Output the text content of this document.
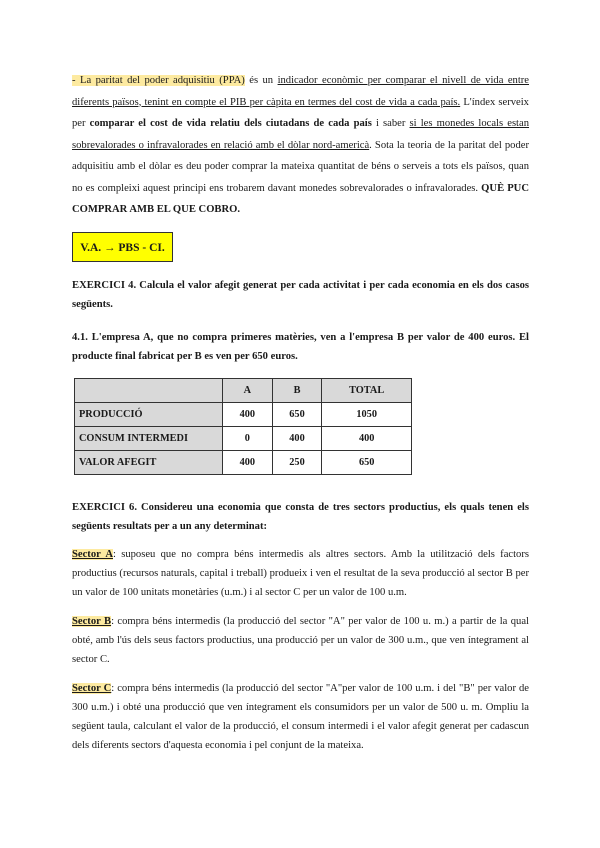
- La paritat del poder adquisitiu (PPA) és un indicador econòmic per comparar el nivell de vida entre diferents països, tenint en compte el PIB per càpita en termes del cost de vida a cada país. L'índex serveix per comparar el cost de vida relatiu dels ciutadans de cada país i saber si les monedes locals estan sobrevalorades o infravalorades en relació amb el dòlar nord-americà. Sota la teoria de la paritat del poder adquisitiu amb el dòlar es deu poder comprar la mateixa quantitat de béns o serveis a tots els països, quan no es compleixi aquest principi ens trobarem davant monedes sobrevalorades o infravalorades. QUÈ PUC COMPRAR AMB EL QUE COBRO.

V.A. → PBS - CI.

EXERCICI 4. Calcula el valor afegit generat per cada activitat i per cada economia en els dos casos següents.

4.1. L'empresa A, que no compra primeres matèries, ven a l'empresa B per valor de 400 euros. El producte final fabricat per B es ven per 650 euros.

	A	B	TOTAL
PRODUCCIÓ	400	650	1050
CONSUM INTERMEDI	0	400	400
VALOR AFEGIT	400	250	650

EXERCICI 6. Considereu una economia que consta de tres sectors productius, els quals tenen els següents resultats per a un any determinat:

Sector A: suposeu que no compra béns intermedis als altres sectors. Amb la utilització dels factors productius (recursos naturals, capital i treball) produeix i ven el resultat de la seva producció al sector B per un valor de 100 unitats monetàries (u.m.) i al sector C per un valor de 100 u.m.

Sector B: compra béns intermedis (la producció del sector "A" per valor de 100 u. m.) a partir de la qual obté, amb l'ús dels seus factors productius, una producció per un valor de 300 u.m., que ven íntegrament al sector C.

Sector C: compra béns intermedis (la producció del sector "A"per valor de 100 u.m. i del "B" per valor de 300 u.m.) i obté una producció que ven íntegrament els consumidors per un valor de 500 u. m. Ompliu la següent taula, calculant el valor de la producció, el consum intermedi i el valor afegit generat per cadascun dels diferents sectors d'aquesta economia i pel conjunt de la mateixa.
